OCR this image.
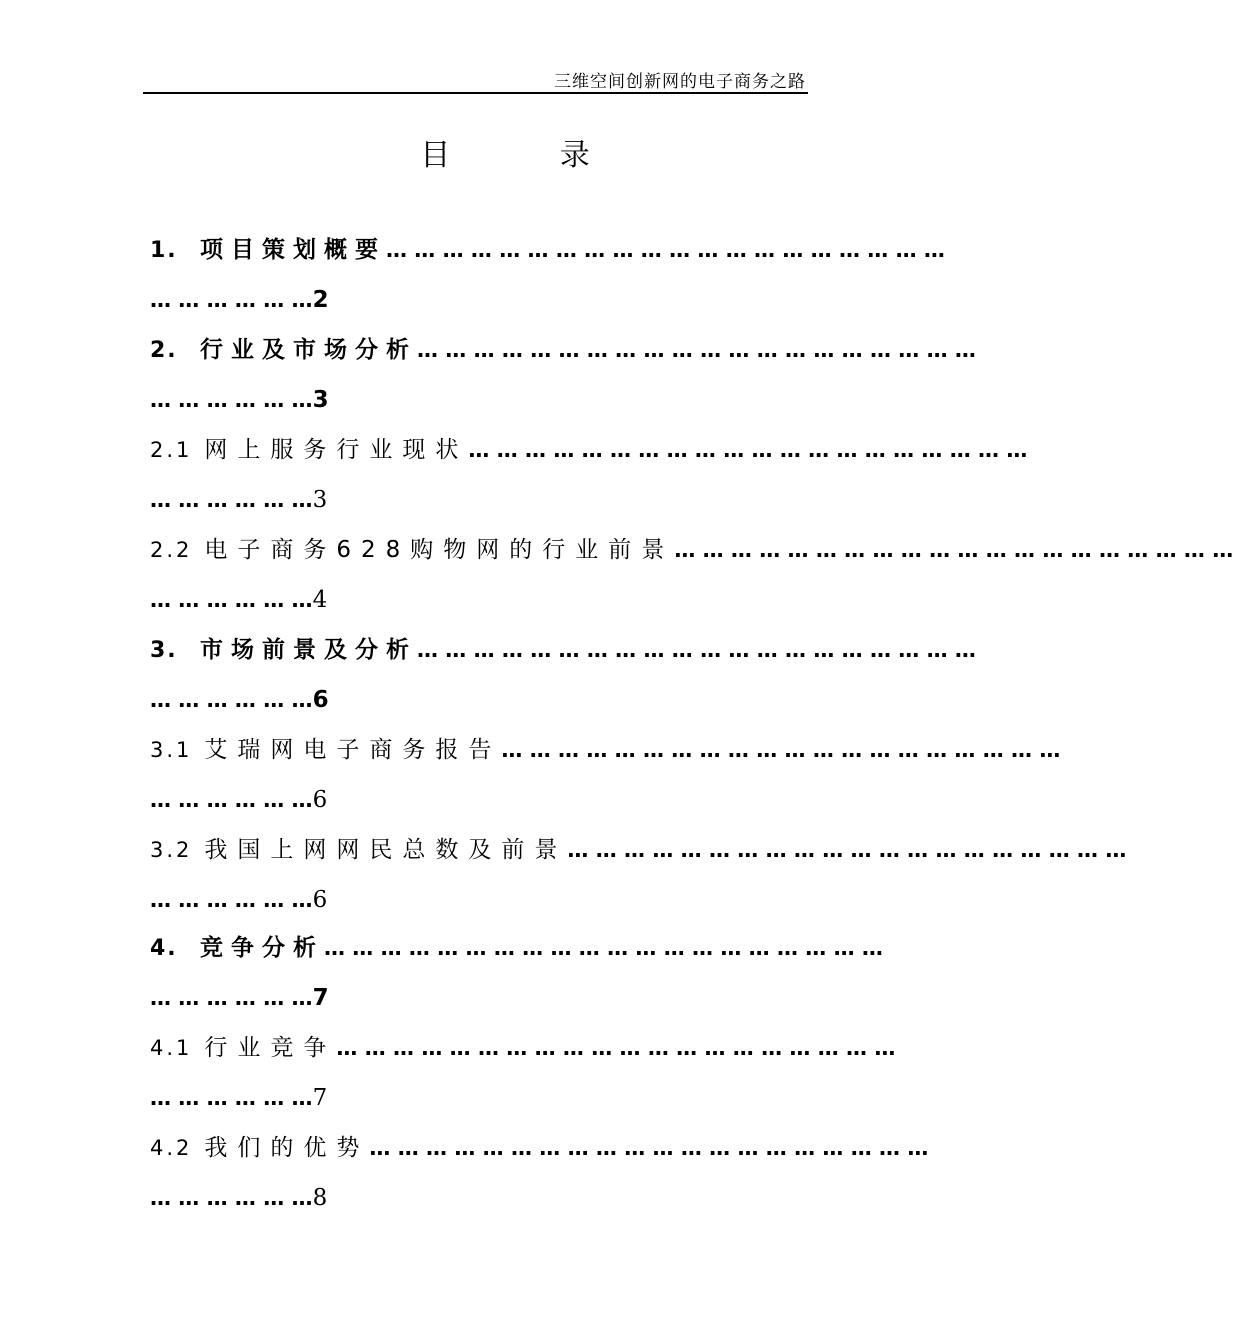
三维空间创新网的电子商务之路
目 录
1. 项目策划概要… … … … … … … … … … … … … … … … … … … …
… … … … … …2
2. 行业及市场分析… … … … … … … … … … … … … … … … … … … …
… … … … … …3
2.1 网上服务行业现状… … … … … … … … … … … … … … … … … … … …
… … … … … …3
2.2 电子商务628购物网的行业前景… … … … … … … … … … … … … … … … … … … …
… … … … … …4
3. 市场前景及分析… … … … … … … … … … … … … … … … … … … …
… … … … … …6
3.1 艾瑞网电子商务报告… … … … … … … … … … … … … … … … … … … …
… … … … … …6
3.2 我国上网网民总数及前景… … … … … … … … … … … … … … … … … … … …
… … … … … …6
4. 竞争分析… … … … … … … … … … … … … … … … … … … …
… … … … … …7
4.1 行业竞争… … … … … … … … … … … … … … … … … … … …
… … … … … …7
4.2 我们的优势… … … … … … … … … … … … … … … … … … … …
… … … … … …8
